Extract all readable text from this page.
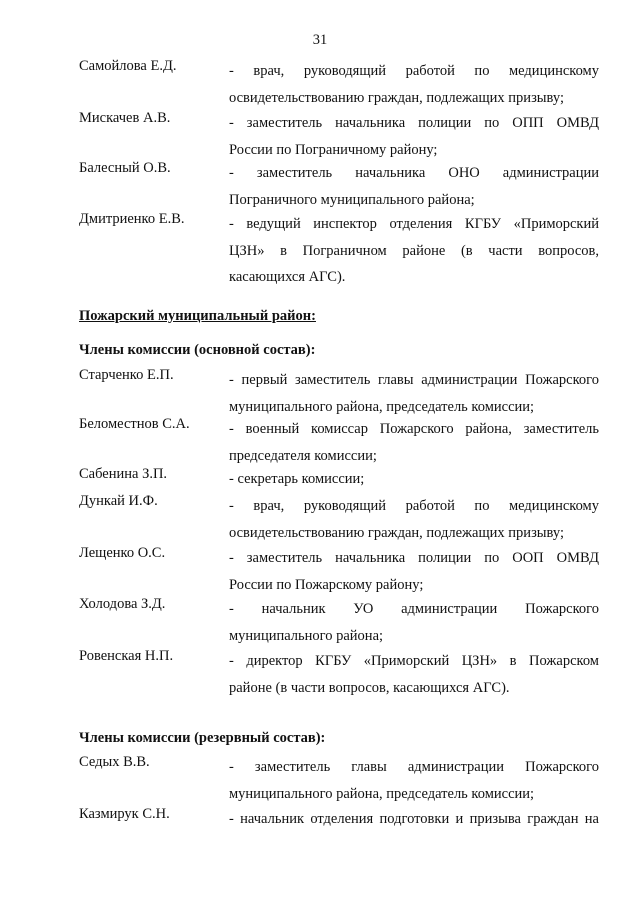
31
Самойлова Е.Д.	- врач, руководящий работой по медицинскому
освидетельствованию граждан, подлежащих призыву;
Мискачев А.В.	- заместитель начальника полиции по ОПП ОМВД
России по Пограничному району;
Балесный О.В.	- заместитель начальника ОНО администрации
Пограничного муниципального района;
Дмитриенко Е.В.	- ведущий инспектор отделения КГБУ «Приморский
ЦЗН» в Пограничном районе (в части вопросов,
касающихся АГС).
Пожарский муниципальный район:
Члены комиссии (основной состав):
Старченко Е.П.	- первый заместитель главы администрации Пожарского
муниципального района, председатель комиссии;
Беломестнов С.А.	- военный комиссар Пожарского района, заместитель
председателя комиссии;
Сабенина З.П.	- секретарь комиссии;
Дункай И.Ф.	- врач, руководящий работой по медицинскому
освидетельствованию граждан, подлежащих призыву;
Лещенко О.С.	- заместитель начальника полиции по ООП ОМВД
России по Пожарскому району;
Холодова З.Д.	- начальник УО администрации Пожарского
муниципального района;
Ровенская Н.П.	- директор КГБУ «Приморский ЦЗН» в Пожарском
районе (в части вопросов, касающихся АГС).
Члены комиссии (резервный состав):
Седых В.В.	- заместитель главы администрации Пожарского
муниципального района, председатель комиссии;
Казмирук С.Н.	- начальник отделения подготовки и призыва граждан на
